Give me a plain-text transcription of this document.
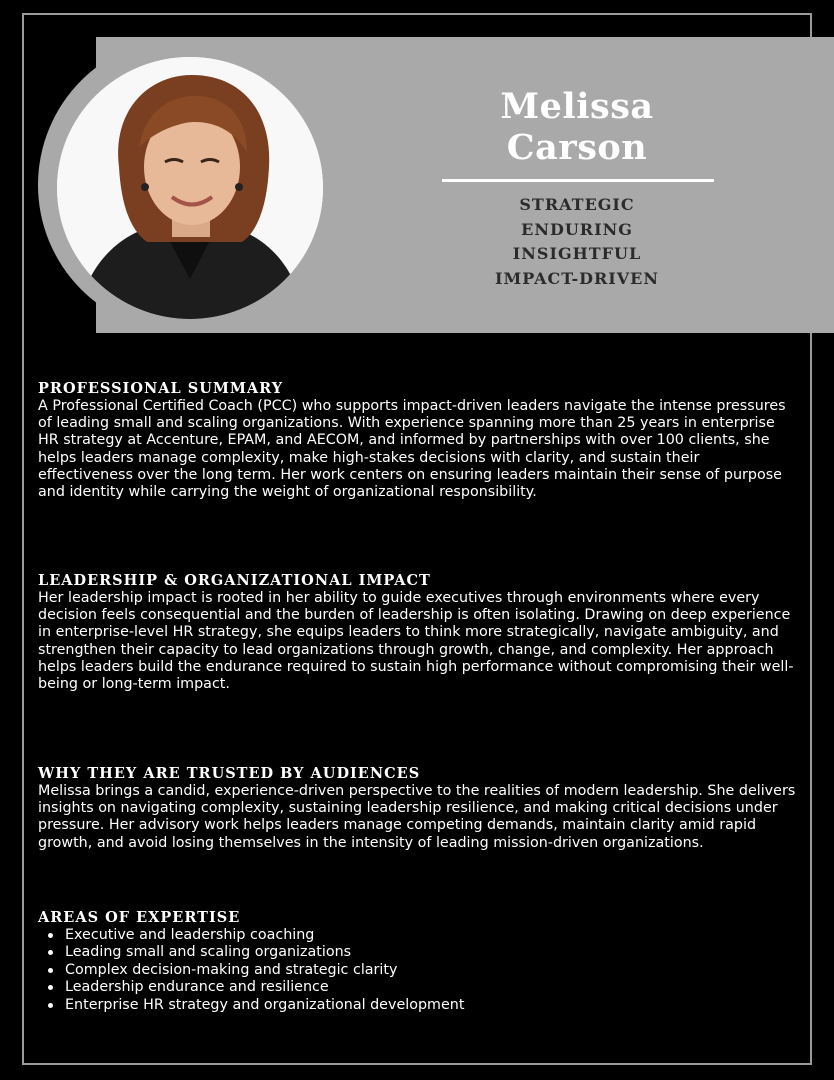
Melissa
Carson
STRATEGIC
ENDURING
INSIGHTFUL
IMPACT-DRIVEN
PROFESSIONAL SUMMARY

A Professional Certified Coach (PCC) who supports impact-driven leaders navigate the intense pressures of leading small and scaling organizations. With experience spanning more than 25 years in enterprise HR strategy at Accenture, EPAM, and AECOM, and informed by partnerships with over 100 clients, she helps leaders manage complexity, make high-stakes decisions with clarity, and sustain their effectiveness over the long term. Her work centers on ensuring leaders maintain their sense of purpose and identity while carrying the weight of organizational responsibility.

LEADERSHIP & ORGANIZATIONAL IMPACT

Her leadership impact is rooted in her ability to guide executives through environments where every decision feels consequential and the burden of leadership is often isolating. Drawing on deep experience in enterprise-level HR strategy, she equips leaders to think more strategically, navigate ambiguity, and strengthen their capacity to lead organizations through growth, change, and complexity. Her approach helps leaders build the endurance required to sustain high performance without compromising their well-being or long-term impact.

WHY THEY ARE TRUSTED BY AUDIENCES

Melissa brings a candid, experience-driven perspective to the realities of modern leadership. She delivers insights on navigating complexity, sustaining leadership resilience, and making critical decisions under pressure. Her advisory work helps leaders manage competing demands, maintain clarity amid rapid growth, and avoid losing themselves in the intensity of leading mission-driven organizations.

AREAS OF EXPERTISE
Executive and leadership coaching
Leading small and scaling organizations
Complex decision-making and strategic clarity
Leadership endurance and resilience
Enterprise HR strategy and organizational development
